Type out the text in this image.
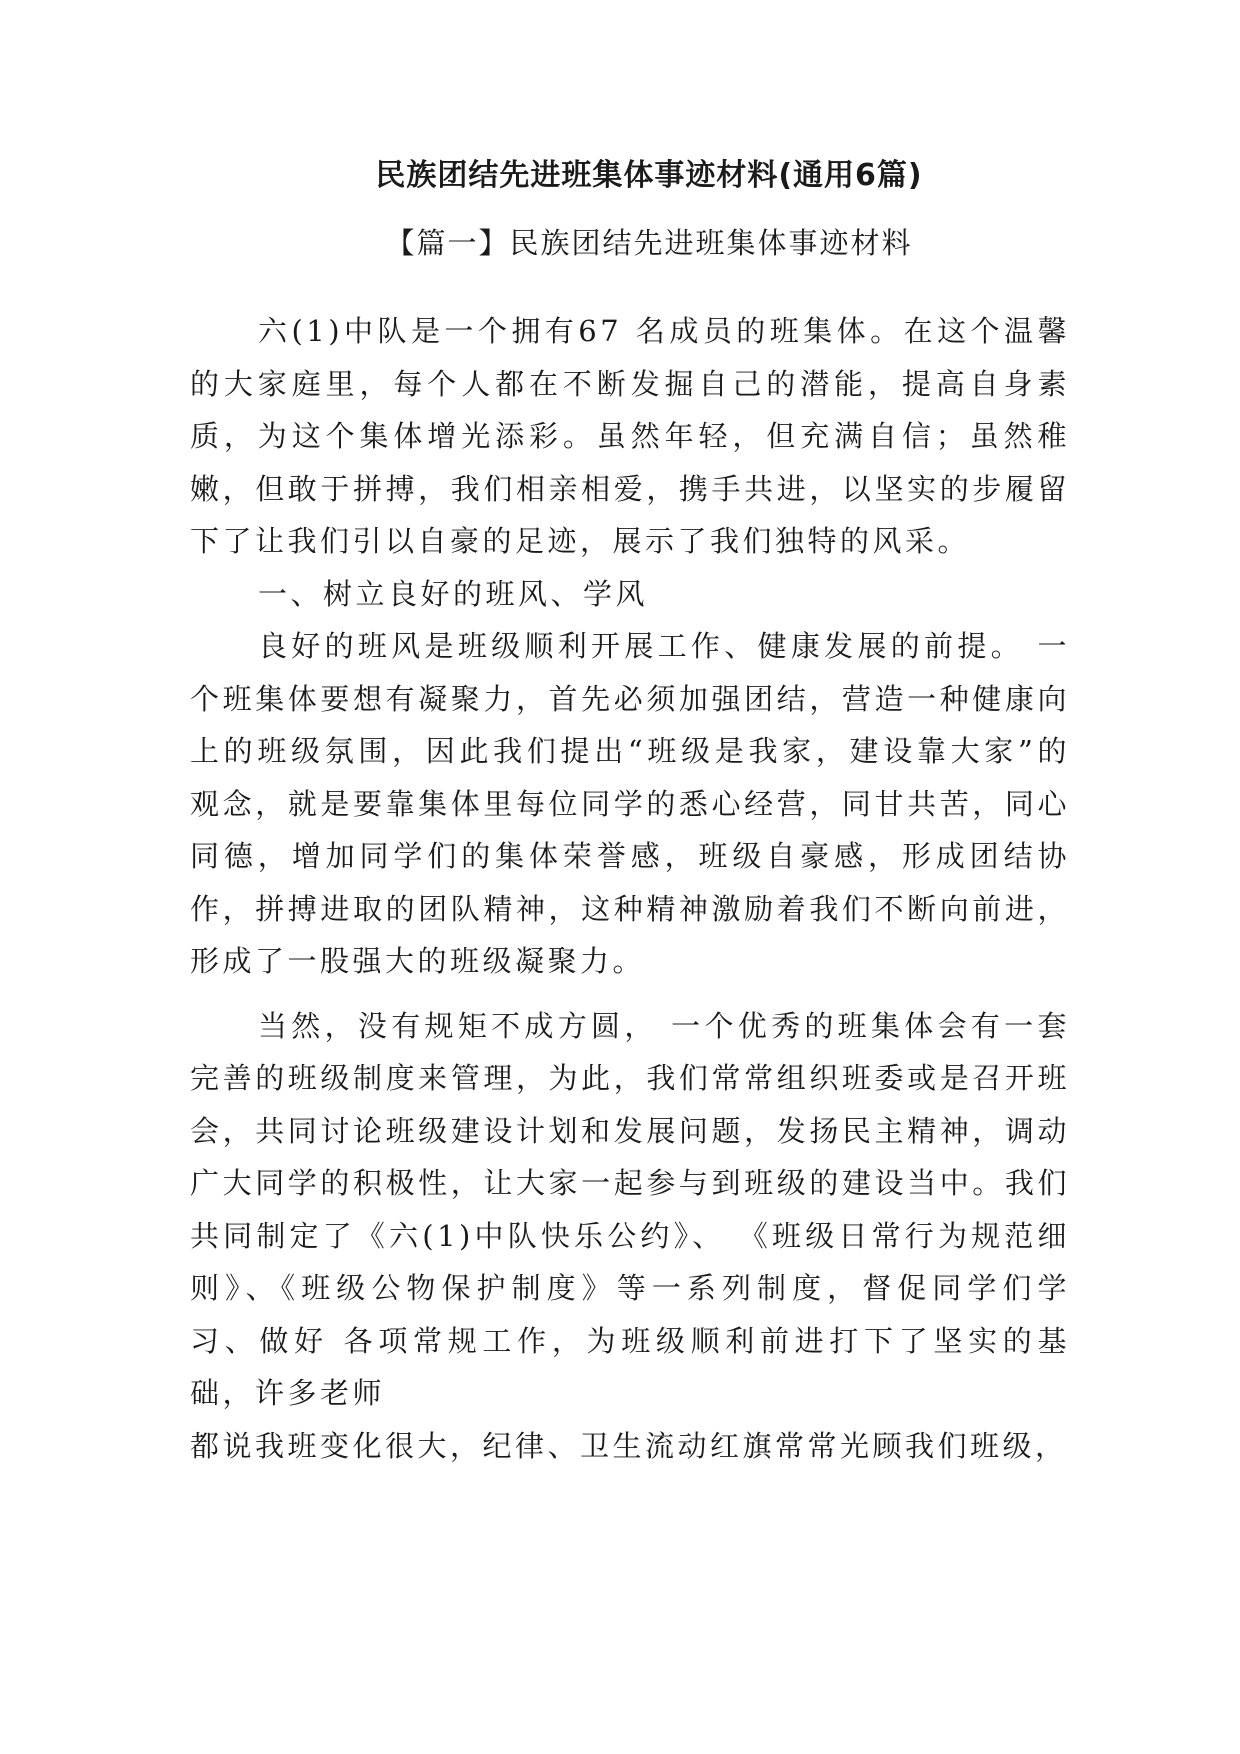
民族团结先进班集体事迹材料(通用6篇)
【篇一】民族团结先进班集体事迹材料

六(1)中队是一个拥有67 名成员的班集体。在这个温馨的大家庭里，每个人都在不断发掘自己的潜能，提高自身素质，为这个集体增光添彩。虽然年轻，但充满自信；虽然稚嫩，但敢于拼搏，我们相亲相爱，携手共进，以坚实的步履留下了让我们引以自豪的足迹，展示了我们独特的风采。

一、树立良好的班风、学风

良好的班风是班级顺利开展工作、健康发展的前提。 一个班集体要想有凝聚力，首先必须加强团结，营造一种健康向上的班级氛围，因此我们提出“班级是我家，建设靠大家”的观念，就是要靠集体里每位同学的悉心经营，同甘共苦，同心同德，增加同学们的集体荣誉感，班级自豪感，形成团结协作，拼搏进取的团队精神，这种精神激励着我们不断向前进，形成了一股强大的班级凝聚力。

当然，没有规矩不成方圆， 一个优秀的班集体会有一套完善的班级制度来管理，为此，我们常常组织班委或是召开班会，共同讨论班级建设计划和发展问题，发扬民主精神，调动广大同学的积极性，让大家一起参与到班级的建设当中。我们共同制定了《六(1)中队快乐公约》、 《班级日常行为规范细则》、《班级公物保护制度》等一系列制度，督促同学们学习、做好 各项常规工作，为班级顺利前进打下了坚实的基础，许多老师

都说我班变化很大，纪律、卫生流动红旗常常光顾我们班级，
